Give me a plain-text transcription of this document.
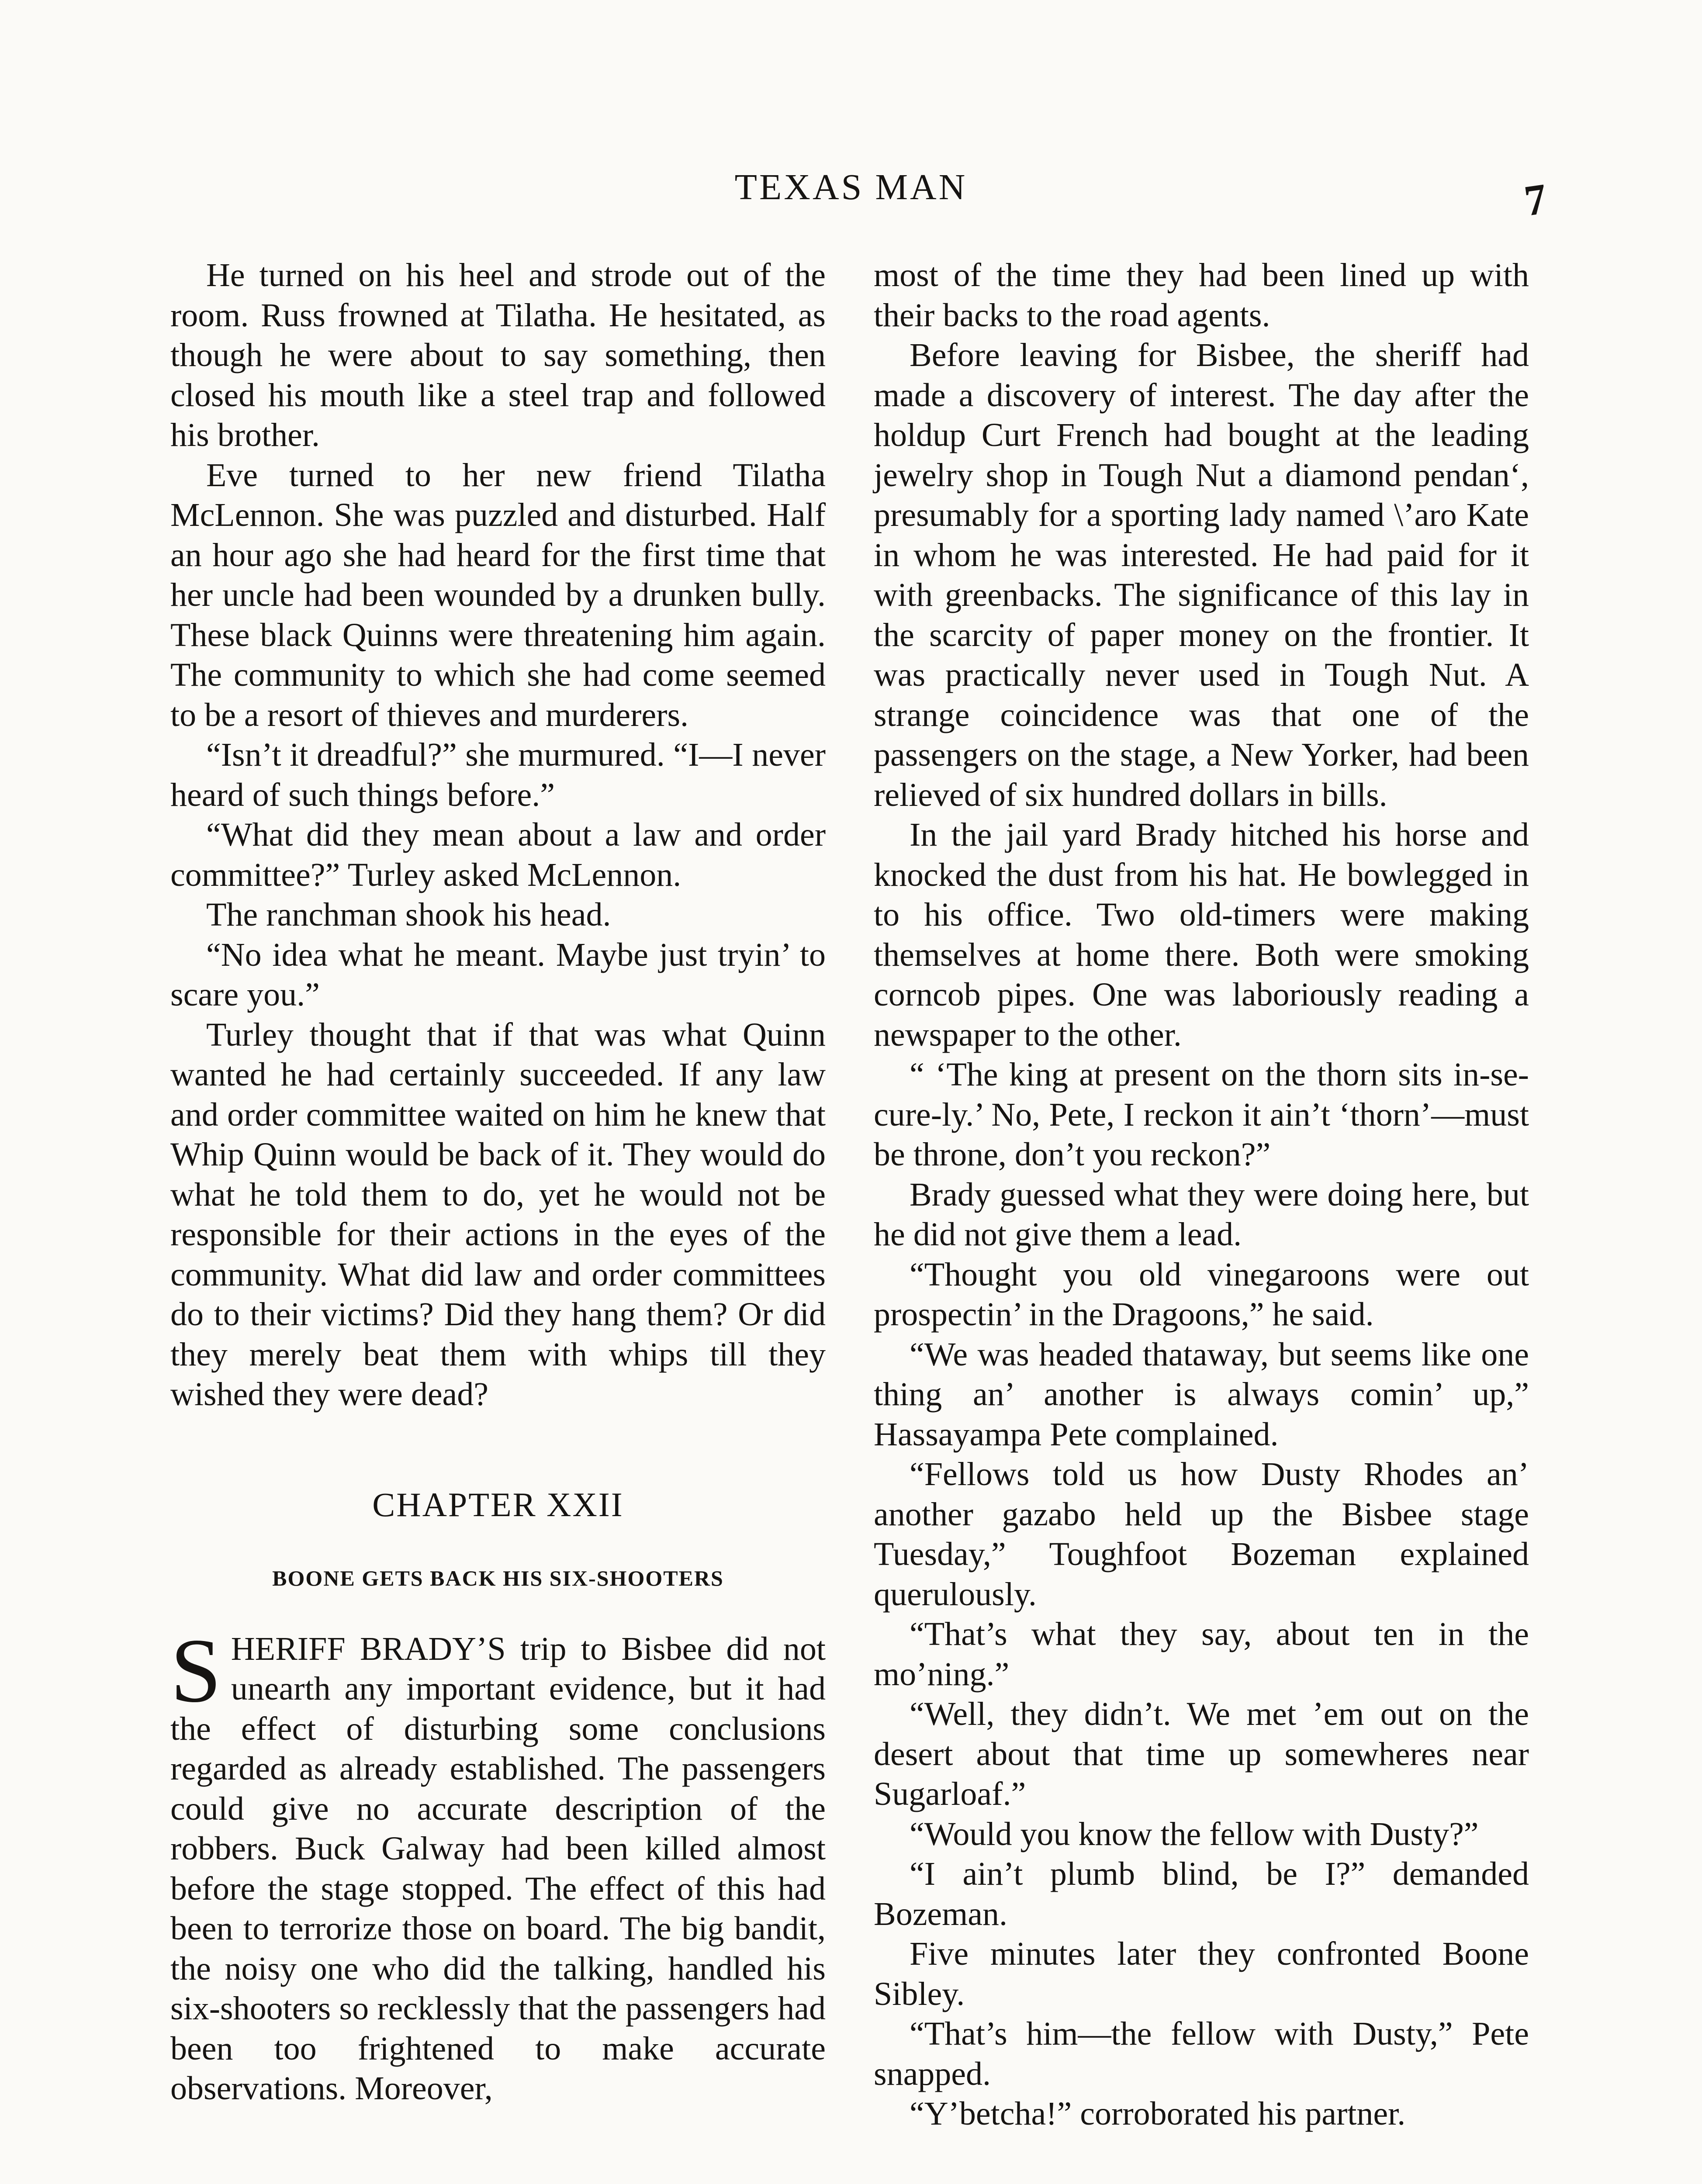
TEXAS MAN	7

He turned on his heel and strode out of the room. Russ frowned at Tilatha. He hesitated, as though he were about to say something, then closed his mouth like a steel trap and followed his brother.

Eve turned to her new friend Tilatha McLennon. She was puzzled and disturbed. Half an hour ago she had heard for the first time that her uncle had been wounded by a drunken bully. These black Quinns were threatening him again. The community to which she had come seemed to be a resort of thieves and murderers.

“Isn’t it dreadful?” she murmured. “I—I never heard of such things before.”

“What did they mean about a law and order committee?” Turley asked McLennon.

The ranchman shook his head.

“No idea what he meant. Maybe just tryin’ to scare you.”

Turley thought that if that was what Quinn wanted he had certainly succeeded. If any law and order committee waited on him he knew that Whip Quinn would be back of it. They would do what he told them to do, yet he would not be responsible for their actions in the eyes of the community. What did law and order committees do to their victims? Did they hang them? Or did they merely beat them with whips till they wished they were dead?

CHAPTER XXII
BOONE GETS BACK HIS SIX-SHOOTERS

SHERIFF BRADY’S trip to Bisbee did not unearth any important evidence, but it had the effect of disturbing some conclusions regarded as already established. The passengers could give no accurate description of the robbers. Buck Galway had been killed almost before the stage stopped. The effect of this had been to terrorize those on board. The big bandit, the noisy one who did the talking, handled his six-shooters so recklessly that the passengers had been too frightened to make accurate observations. Moreover,

most of the time they had been lined up with their backs to the road agents.

Before leaving for Bisbee, the sheriff had made a discovery of interest. The day after the holdup Curt French had bought at the leading jewelry shop in Tough Nut a diamond pendan‘, presumably for a sporting lady named \’aro Kate in whom he was interested. He had paid for it with greenbacks. The significance of this lay in the scarcity of paper money on the frontier. It was practically never used in Tough Nut. A strange coincidence was that one of the passengers on the stage, a New Yorker, had been relieved of six hundred dollars in bills.

In the jail yard Brady hitched his horse and knocked the dust from his hat. He bowlegged in to his office. Two old-timers were making themselves at home there. Both were smoking corncob pipes. One was laboriously reading a newspaper to the other.

“ ‘The king at present on the thorn sits in-se-cure-ly.’ No, Pete, I reckon it ain’t ‘thorn’—must be throne, don’t you reckon?”

Brady guessed what they were doing here, but he did not give them a lead.

“Thought you old vinegaroons were out prospectin’ in the Dragoons,” he said.

“We was headed thataway, but seems like one thing an’ another is always comin’ up,” Hassayampa Pete complained.

“Fellows told us how Dusty Rhodes an’ another gazabo held up the Bisbee stage Tuesday,” Toughfoot Bozeman explained querulously.

“That’s what they say, about ten in the mo’ning.”

“Well, they didn’t. We met ’em out on the desert about that time up somewheres near Sugarloaf.”

“Would you know the fellow with Dusty?”

“I ain’t plumb blind, be I?” demanded Bozeman.

Five minutes later they confronted Boone Sibley.

“That’s him—the fellow with Dusty,” Pete snapped.

“Y’betcha!” corroborated his partner.
